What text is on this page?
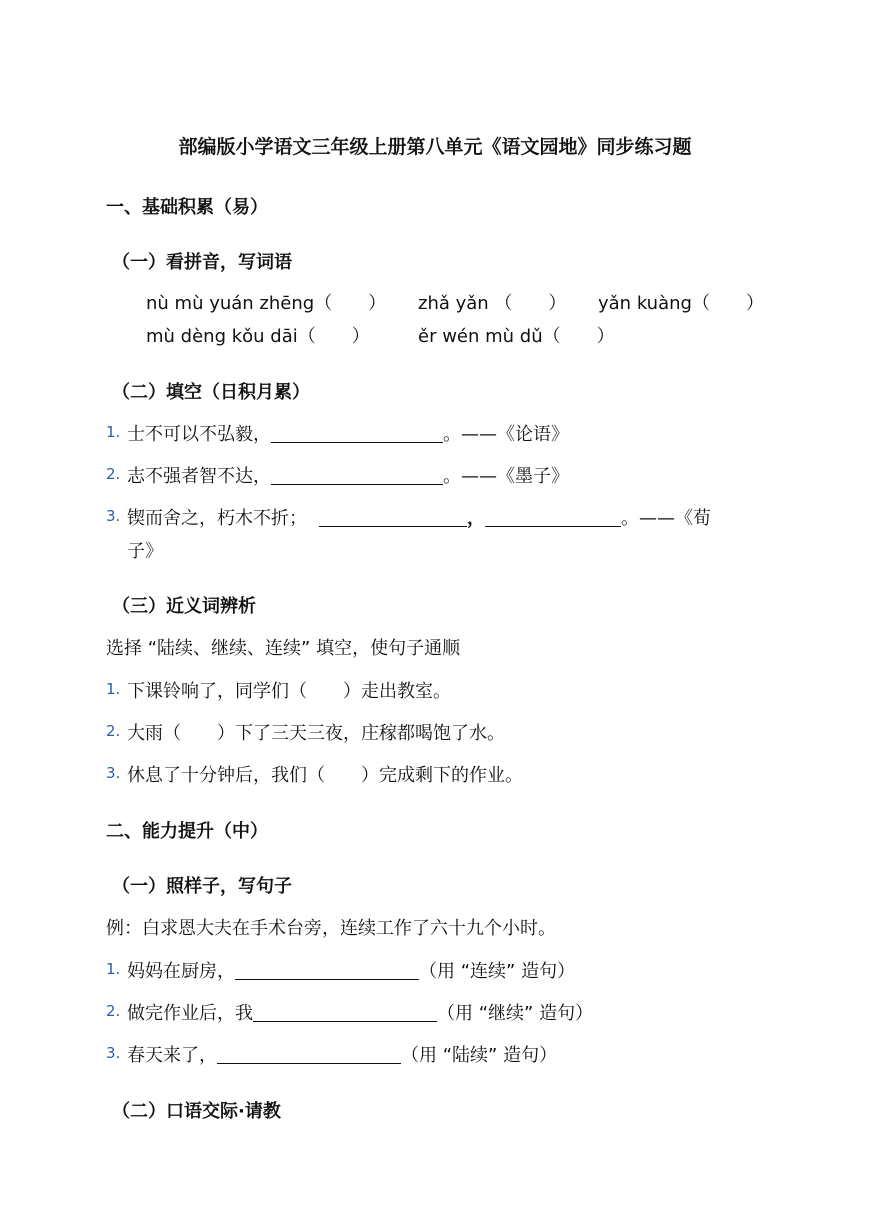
部编版小学语文三年级上册第八单元《语文园地》同步练习题
一、基础积累（易）
（一）看拼音，写词语
nù mù yuán zhēng（　　） zhǎ yǎn （　　） yǎn kuàng（　　）
mù dèng kǒu dāi（　　）	ěr wén mù dǔ（　　）
（二）填空（日积月累）
1. 士不可以不弘毅，	。——《论语》
2. 志不强者智不达，	。——《墨子》
3. 锲而舍之，朽木不折；	，	。——《荀
子》
（三）近义词辨析
选择 “陆续、继续、连续” 填空，使句子通顺
1. 下课铃响了，同学们（　　）走出教室。
2. 大雨（　　）下了三天三夜，庄稼都喝饱了水。
3. 休息了十分钟后，我们（　　）完成剩下的作业。
二、能力提升（中）
（一）照样子，写句子
例：白求恩大夫在手术台旁，连续工作了六十九个小时。
1. 妈妈在厨房，	（用 “连续” 造句）
2. 做完作业后，我	（用 “继续” 造句）
3. 春天来了，	（用 “陆续” 造句）
（二）口语交际·请教
